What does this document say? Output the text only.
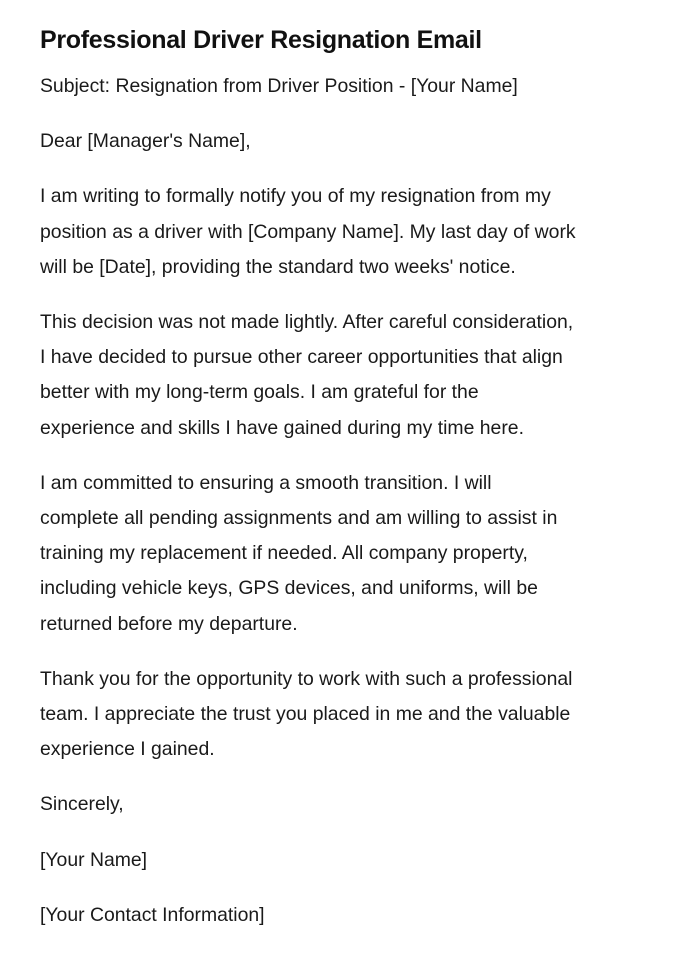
Professional Driver Resignation Email

Subject: Resignation from Driver Position - [Your Name]

Dear [Manager's Name],

I am writing to formally notify you of my resignation from my
position as a driver with [Company Name]. My last day of work
will be [Date], providing the standard two weeks' notice.

This decision was not made lightly. After careful consideration,
I have decided to pursue other career opportunities that align
better with my long-term goals. I am grateful for the
experience and skills I have gained during my time here.

I am committed to ensuring a smooth transition. I will
complete all pending assignments and am willing to assist in
training my replacement if needed. All company property,
including vehicle keys, GPS devices, and uniforms, will be
returned before my departure.

Thank you for the opportunity to work with such a professional
team. I appreciate the trust you placed in me and the valuable
experience I gained.

Sincerely,

[Your Name]

[Your Contact Information]
